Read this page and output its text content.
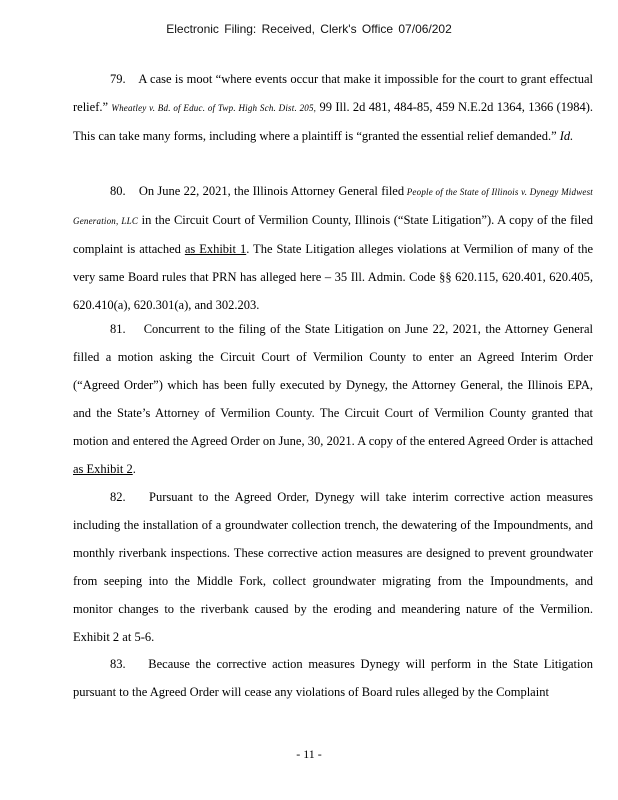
Electronic Filing: Received, Clerk's Office 07/06/202

79. A case is moot “where events occur that make it impossible for the court to grant effectual relief.” Wheatley v. Bd. of Educ. of Twp. High Sch. Dist. 205, 99 Ill. 2d 481, 484-85, 459 N.E.2d 1364, 1366 (1984). This can take many forms, including where a plaintiff is “granted the essential relief demanded.” Id.

80. On June 22, 2021, the Illinois Attorney General filed People of the State of Illinois v. Dynegy Midwest Generation, LLC in the Circuit Court of Vermilion County, Illinois (“State Litigation”). A copy of the filed complaint is attached as Exhibit 1. The State Litigation alleges violations at Vermilion of many of the very same Board rules that PRN has alleged here – 35 Ill. Admin. Code §§ 620.115, 620.401, 620.405, 620.410(a), 620.301(a), and 302.203.

81. Concurrent to the filing of the State Litigation on June 22, 2021, the Attorney General filled a motion asking the Circuit Court of Vermilion County to enter an Agreed Interim Order (“Agreed Order”) which has been fully executed by Dynegy, the Attorney General, the Illinois EPA, and the State’s Attorney of Vermilion County. The Circuit Court of Vermilion County granted that motion and entered the Agreed Order on June, 30, 2021. A copy of the entered Agreed Order is attached as Exhibit 2.

82. Pursuant to the Agreed Order, Dynegy will take interim corrective action measures including the installation of a groundwater collection trench, the dewatering of the Impoundments, and monthly riverbank inspections. These corrective action measures are designed to prevent groundwater from seeping into the Middle Fork, collect groundwater migrating from the Impoundments, and monitor changes to the riverbank caused by the eroding and meandering nature of the Vermilion. Exhibit 2 at 5-6.

83. Because the corrective action measures Dynegy will perform in the State Litigation pursuant to the Agreed Order will cease any violations of Board rules alleged by the Complaint

- 11 -
